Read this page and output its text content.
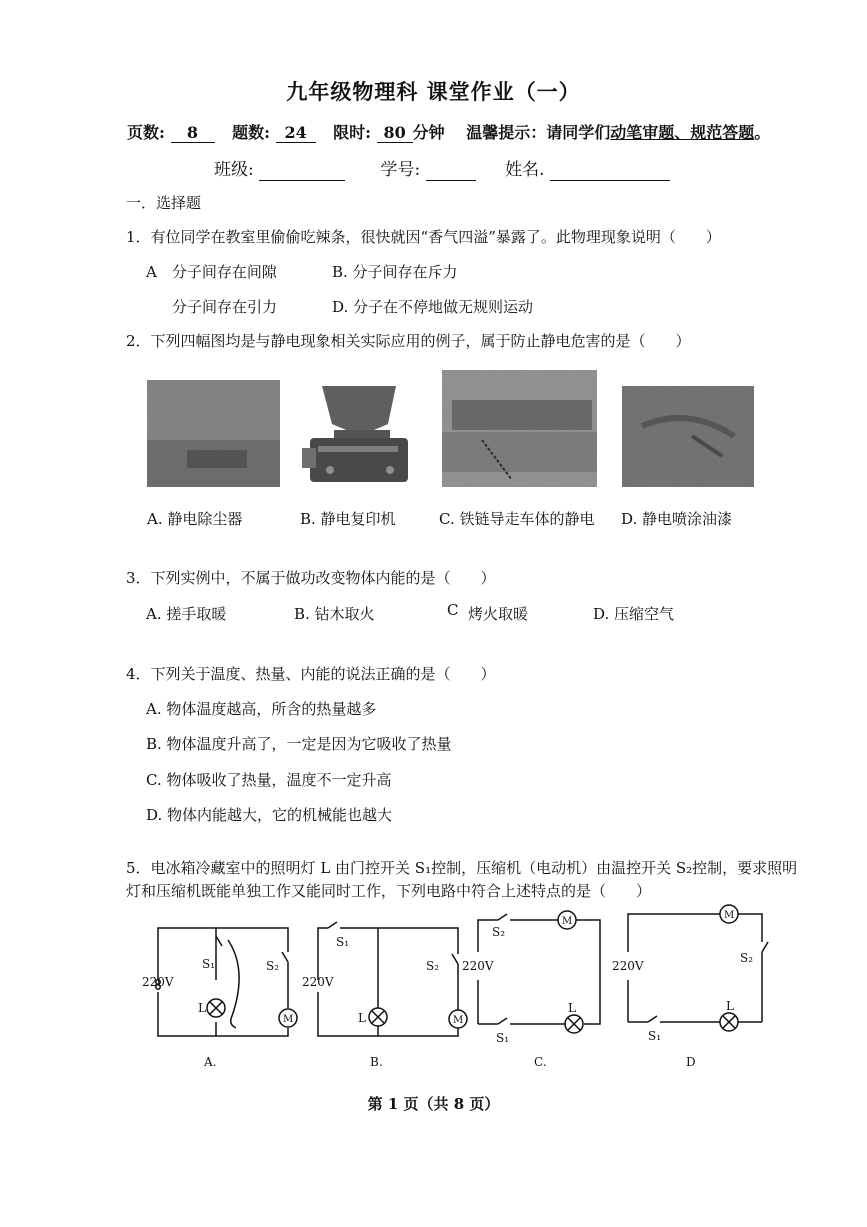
九年级物理科 课堂作业（一）
页数: 8 题数: 24 限时: 80 分钟 温馨提示：请同学们动笔审题、规范答题。
班级:	学号:	姓名.
一．选择题
1．有位同学在教室里偷偷吃辣条，很快就因“香气四溢”暴露了。此物理现象说明（　　）
A　分子间存在间隙	B. 分子间存在斥力
分子间存在引力	D. 分子在不停地做无规则运动
2．下列四幅图均是与静电现象相关实际应用的例子，属于防止静电危害的是（　　）
A. 静电除尘器	B. 静电复印机	C. 铁链导走车体的静电 D. 静电喷涂油漆
3．下列实例中，不属于做功改变物体内能的是（　　）
A. 搓手取暖	B. 钻木取火	C 烤火取暖	D. 压缩空气
4．下列关于温度、热量、内能的说法正确的是（　　）
A. 物体温度越高，所含的热量越多
B. 物体温度升高了，一定是因为它吸收了热量
C. 物体吸收了热量，温度不一定升高
D. 物体内能越大，它的机械能也越大
5．电冰箱冷藏室中的照明灯 L 由门控开关 S₁控制，压缩机（电动机）由温控开关 S₂控制，要求照明
灯和压缩机既能单独工作又能同时工作，下列电路中符合上述特点的是（　　）
220V
S₁	S₂
L
M
A.
220V
S₁
S₂
L	M
B.
220V
S₂
M
L
S₁
C.
220V
M
S₂
L
S₁
D
第 1 页（共 8 页）
